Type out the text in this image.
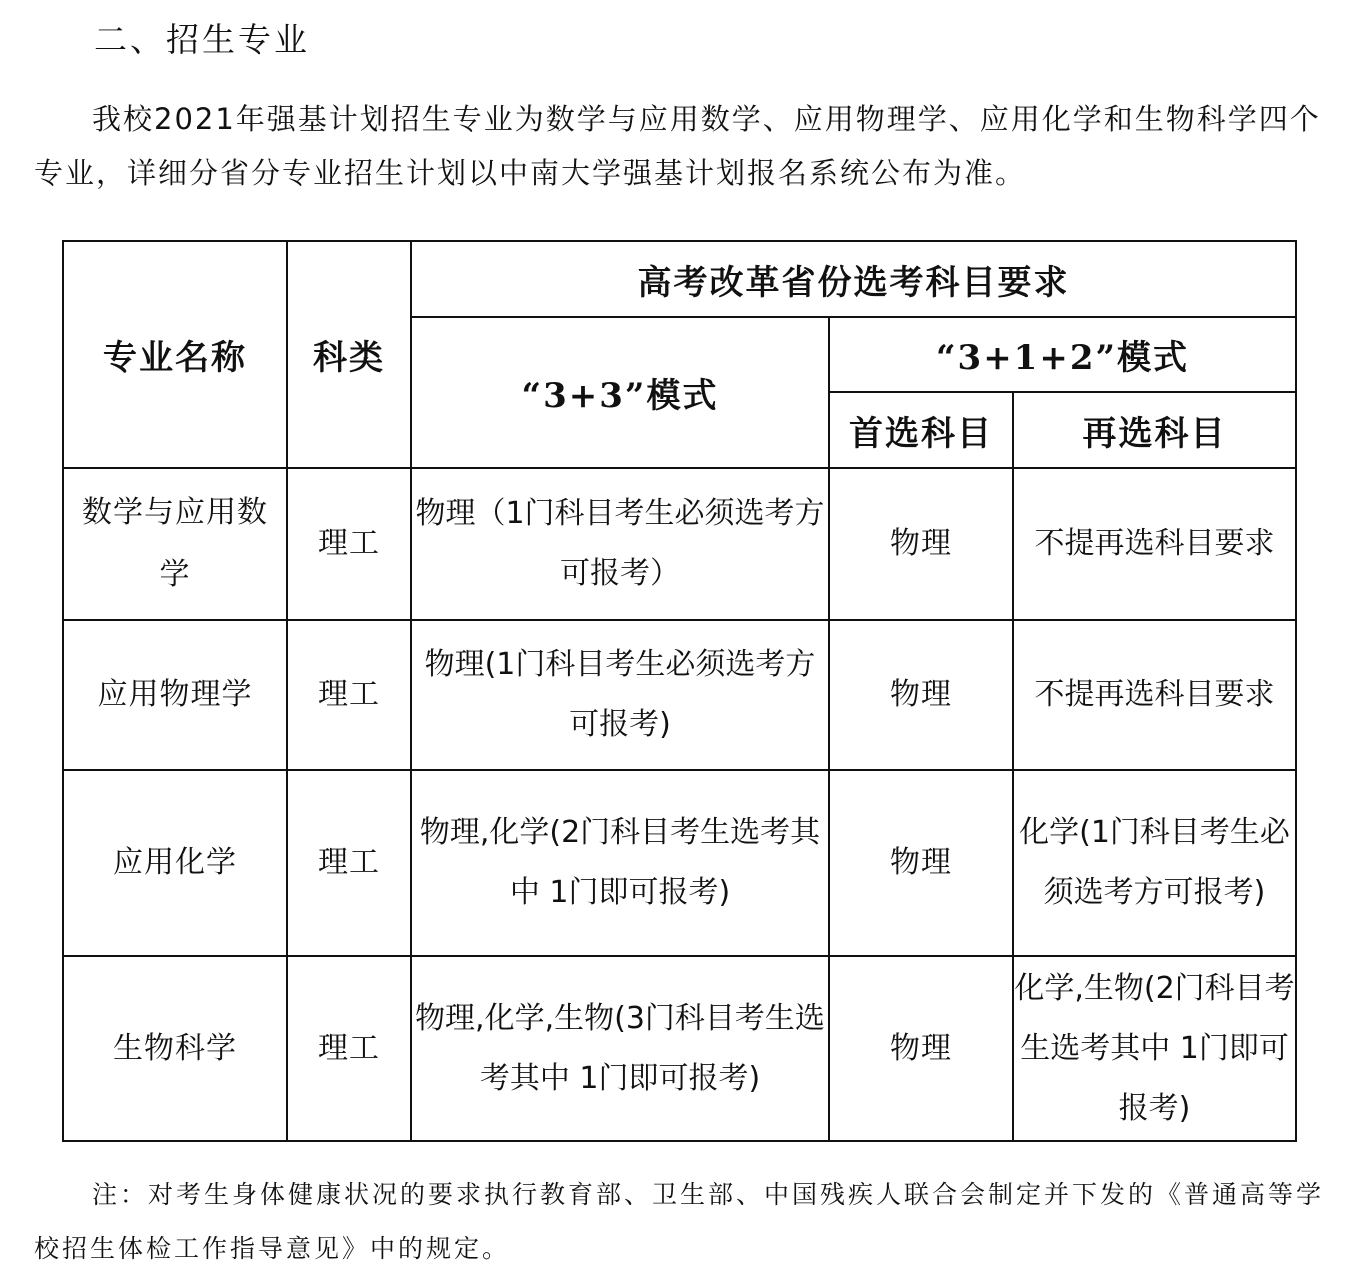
二、招生专业
我校2021年强基计划招生专业为数学与应用数学、应用物理学、应用化学和生物科学四个专业，详细分省分专业招生计划以中南大学强基计划报名系统公布为准。
专业名称	科类	高考改革省份选考科目要求		
		“3+3”模式	“3+1+2”模式	
			首选科目	再选科目
数学与应用数学	理工	物理（1门科目考生必须选考方可报考）	物理	不提再选科目要求
应用物理学	理工	物理(1门科目考生必须选考方可报考)	物理	不提再选科目要求
应用化学	理工	物理,化学(2门科目考生选考其中 1门即可报考)	物理	化学(1门科目考生必须选考方可报考)
生物科学	理工	物理,化学,生物(3门科目考生选考其中 1门即可报考)	物理	化学,生物(2门科目考生选考其中 1门即可报考)
注：对考生身体健康状况的要求执行教育部、卫生部、中国残疾人联合会制定并下发的《普通高等学校招生体检工作指导意见》中的规定。
